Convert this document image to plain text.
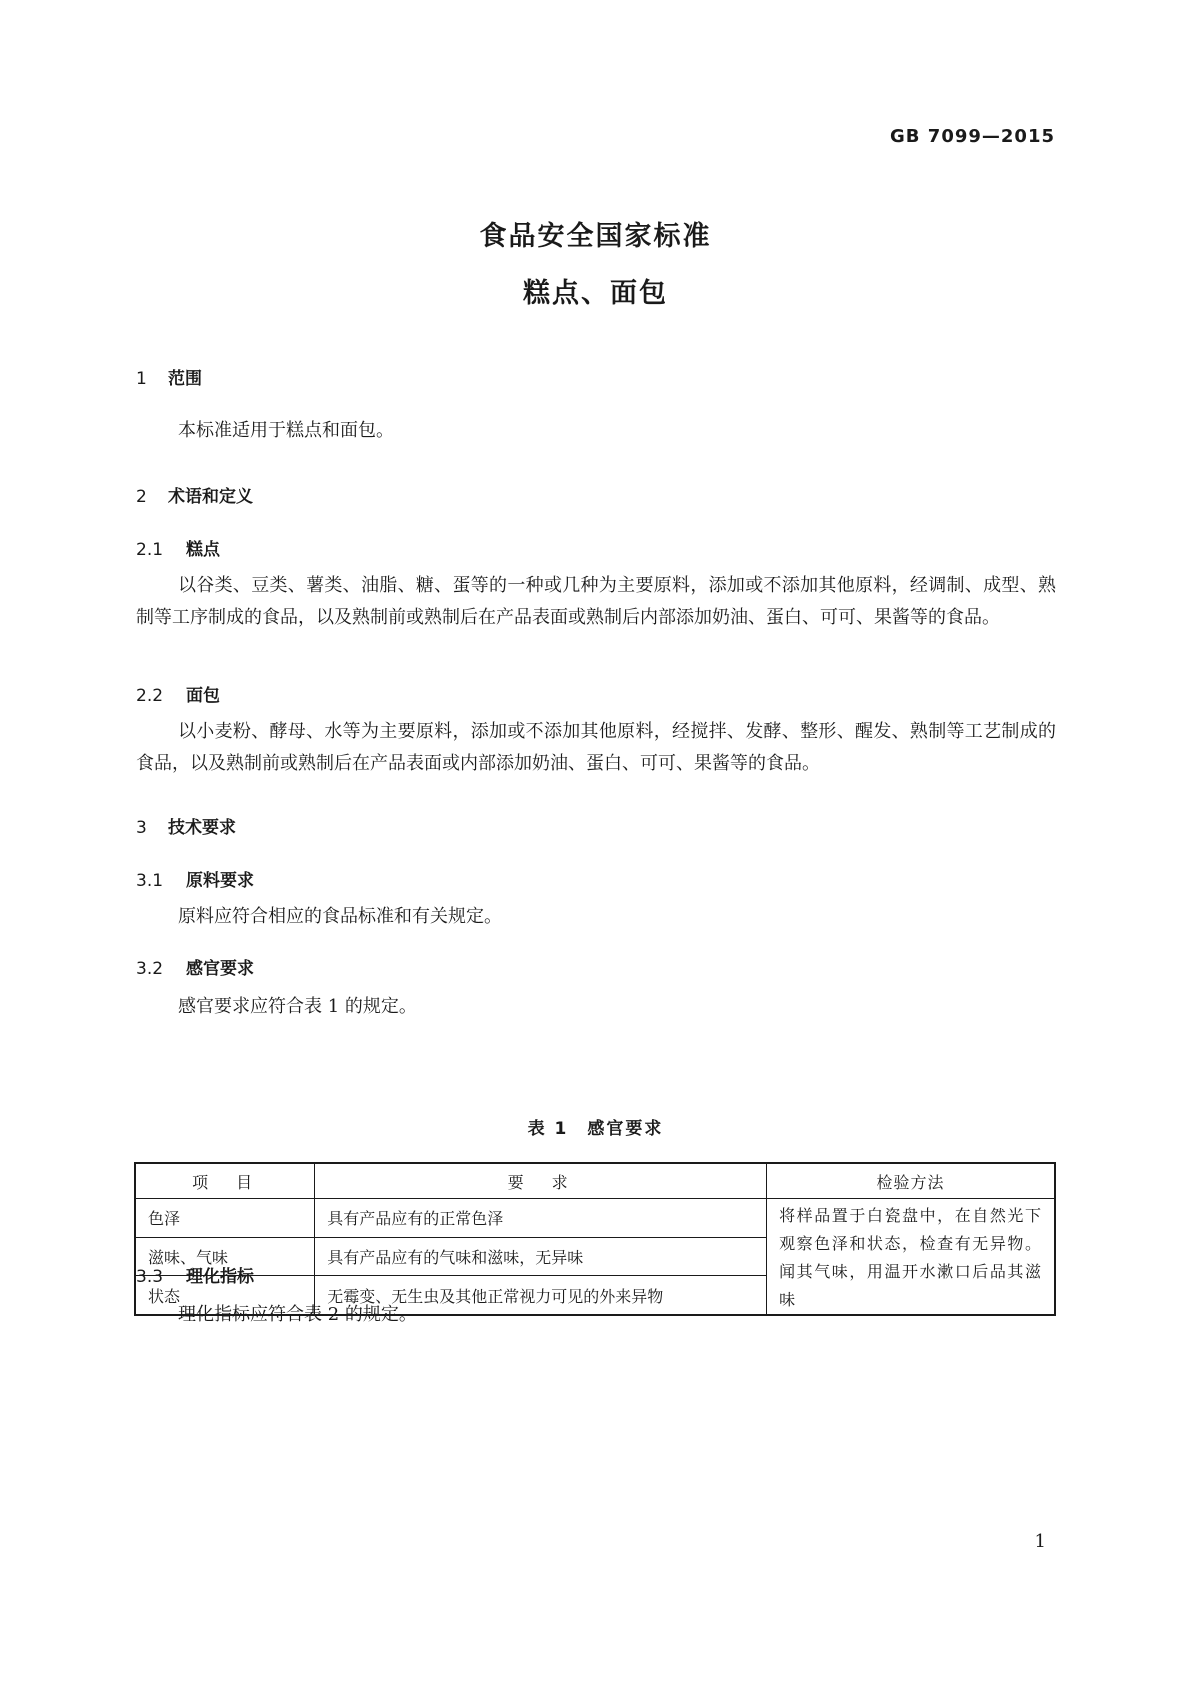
GB 7099—2015
食品安全国家标准
糕点、面包
1 范围
本标准适用于糕点和面包。
2 术语和定义
2.1 糕点
以谷类、豆类、薯类、油脂、糖、蛋等的一种或几种为主要原料，添加或不添加其他原料，经调制、成型、熟制等工序制成的食品，以及熟制前或熟制后在产品表面或熟制后内部添加奶油、蛋白、可可、果酱等的食品。
2.2 面包
以小麦粉、酵母、水等为主要原料，添加或不添加其他原料，经搅拌、发酵、整形、醒发、熟制等工艺制成的食品，以及熟制前或熟制后在产品表面或内部添加奶油、蛋白、可可、果酱等的食品。
3 技术要求
3.1 原料要求
原料应符合相应的食品标准和有关规定。
3.2 感官要求
感官要求应符合表 1 的规定。
表 1　感官要求
项　目	要　求	检验方法
色泽	具有产品应有的正常色泽	将样品置于白瓷盘中，在自然光下观察色泽和状态，检查有无异物。闻其气味，用温开水漱口后品其滋味
滋味、气味	具有产品应有的气味和滋味，无异味	
状态	无霉变、无生虫及其他正常视力可见的外来异物	
3.3 理化指标
理化指标应符合表 2 的规定。
1
